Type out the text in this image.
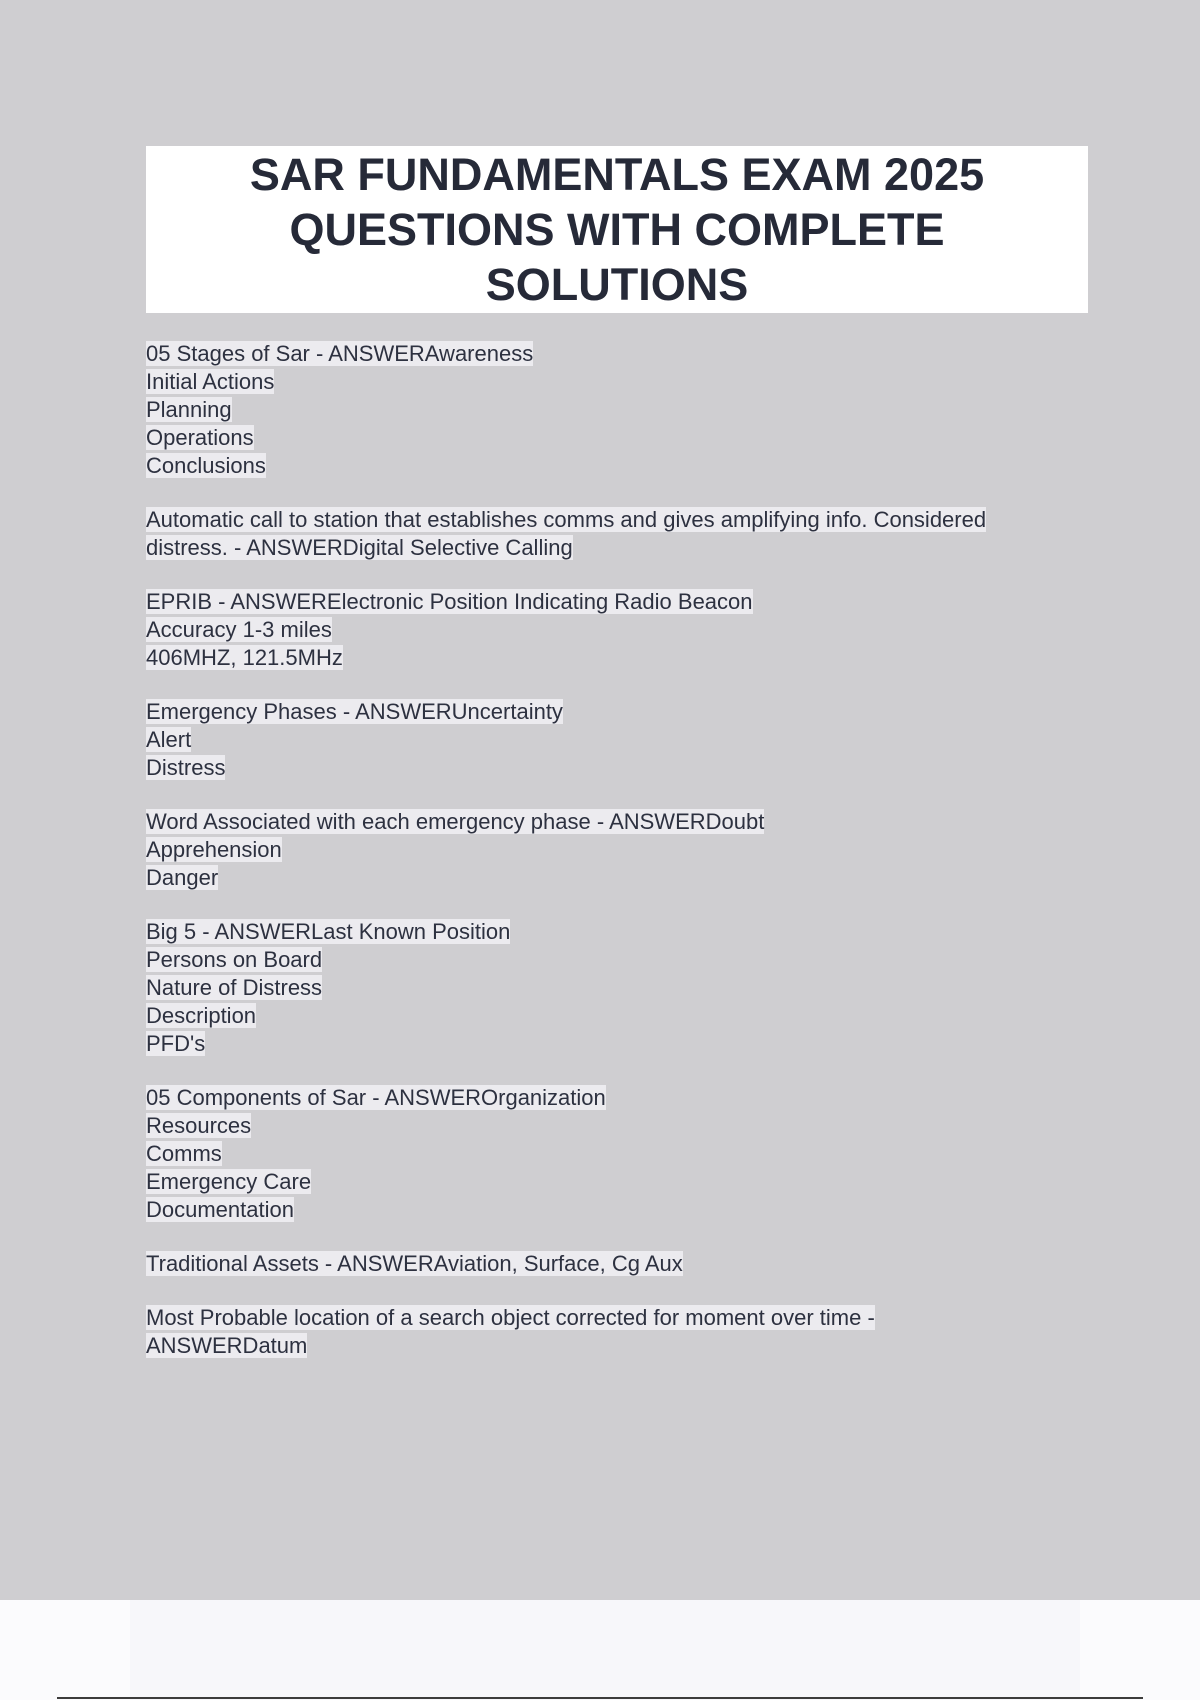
SAR FUNDAMENTALS EXAM 2025
QUESTIONS WITH COMPLETE
SOLUTIONS
05 Stages of Sar - ANSWERAwareness
Initial Actions
Planning
Operations
Conclusions
Automatic call to station that establishes comms and gives amplifying info. Considered
distress. - ANSWERDigital Selective Calling
EPRIB - ANSWERElectronic Position Indicating Radio Beacon
Accuracy 1-3 miles
406MHZ, 121.5MHz
Emergency Phases - ANSWERUncertainty
Alert
Distress
Word Associated with each emergency phase - ANSWERDoubt
Apprehension
Danger
Big 5 - ANSWERLast Known Position
Persons on Board
Nature of Distress
Description
PFD's
05 Components of Sar - ANSWEROrganization
Resources
Comms
Emergency Care
Documentation
Traditional Assets - ANSWERAviation, Surface, Cg Aux
Most Probable location of a search object corrected for moment over time -
ANSWERDatum
